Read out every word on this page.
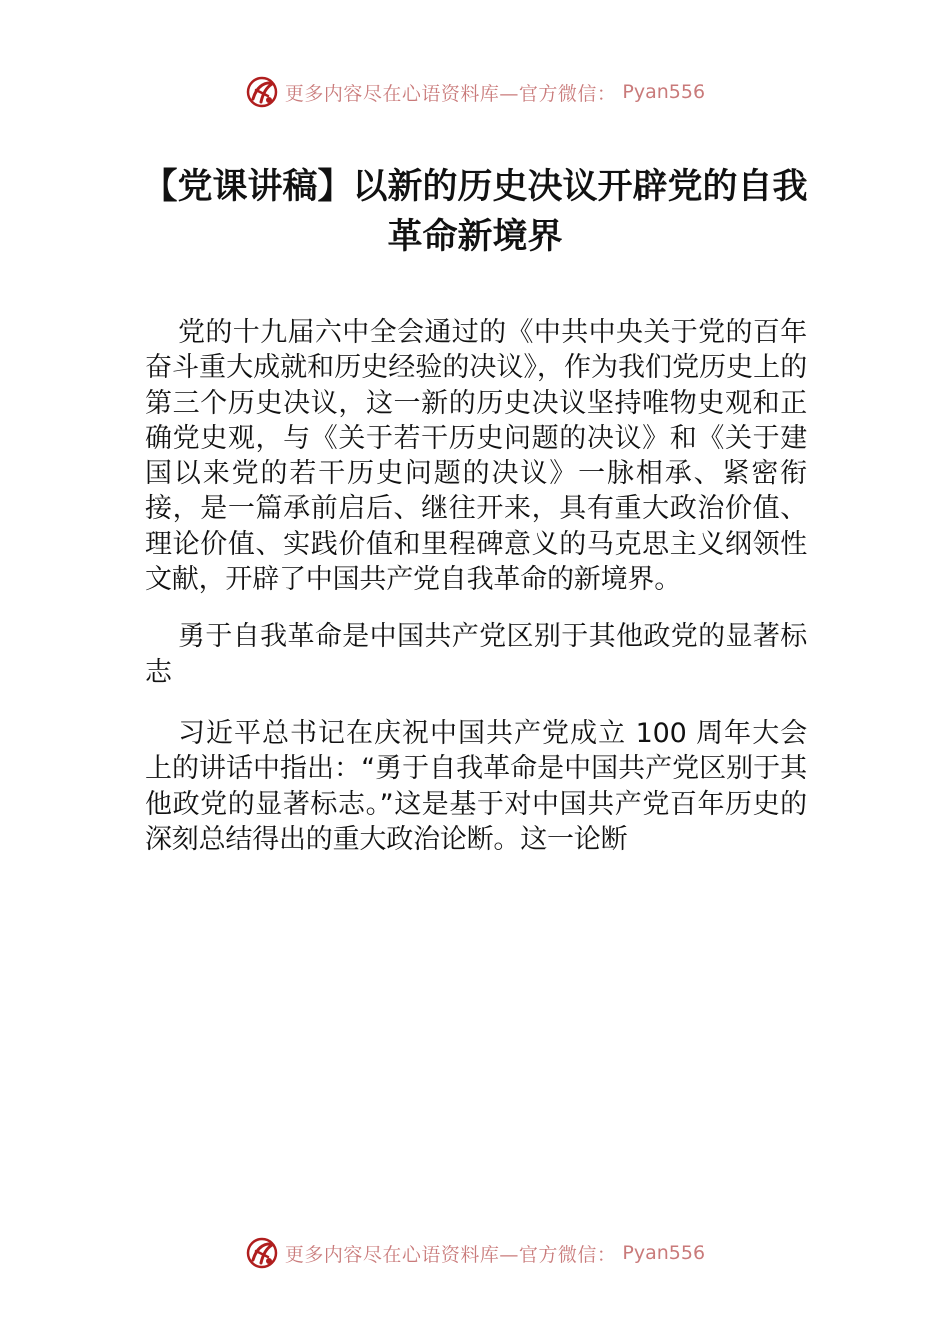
更多内容尽在心语资料库—官方微信： Pyan556
【党课讲稿】以新的历史决议开辟党的自我革命新境界

党的十九届六中全会通过的《中共中央关于党的百年奋斗重大成就和历史经验的决议》，作为我们党历史上的第三个历史决议，这一新的历史决议坚持唯物史观和正确党史观，与《关于若干历史问题的决议》和《关于建国以来党的若干历史问题的决议》一脉相承、紧密衔接，是一篇承前启后、继往开来，具有重大政治价值、理论价值、实践价值和里程碑意义的马克思主义纲领性文献，开辟了中国共产党自我革命的新境界。

勇于自我革命是中国共产党区别于其他政党的显著标志

习近平总书记在庆祝中国共产党成立 100 周年大会上的讲话中指出：“勇于自我革命是中国共产党区别于其他政党的显著标志。”这是基于对中国共产党百年历史的深刻总结得出的重大政治论断。这一论断

更多内容尽在心语资料库—官方微信： Pyan556
